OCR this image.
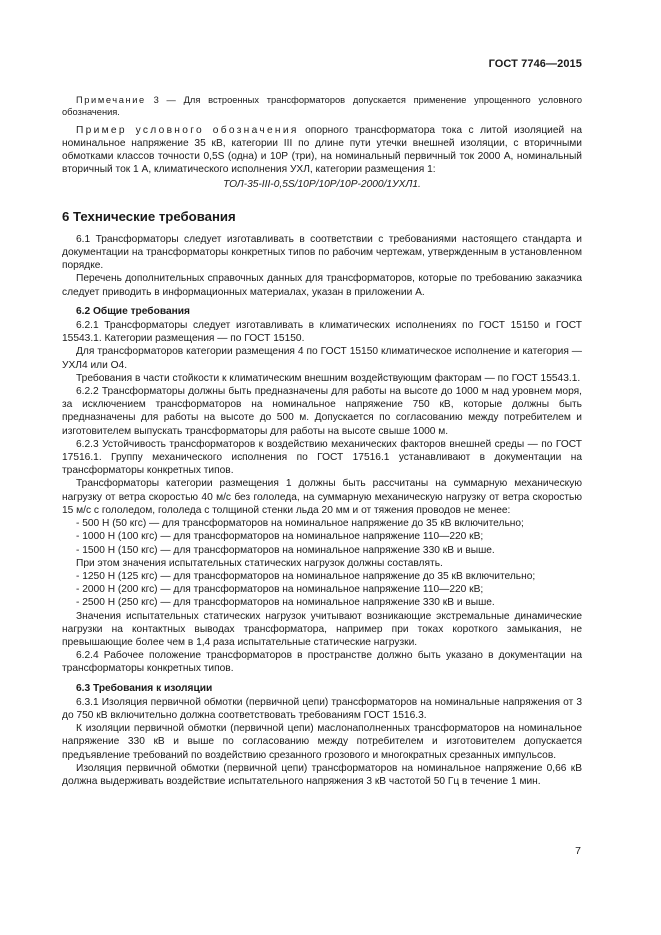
ГОСТ 7746—2015

Примечание 3 — Для встроенных трансформаторов допускается применение упрощенного условного обозначения.

Пример условного обозначения опорного трансформатора тока с литой изоляцией на номинальное напряжение 35 кВ, категории III по длине пути утечки внешней изоляции, с вторичными обмотками классов точности 0,5S (одна) и 10Р (три), на номинальный первичный ток 2000 А, номинальный вторичный ток 1 А, климатического исполнения УХЛ, категории размещения 1:

ТОЛ-35-III-0,5S/10P/10P/10P-2000/1УХЛ1.

6 Технические требования

6.1 Трансформаторы следует изготавливать в соответствии с требованиями настоящего стандарта и документации на трансформаторы конкретных типов по рабочим чертежам, утвержденным в установленном порядке.

Перечень дополнительных справочных данных для трансформаторов, которые по требованию заказчика следует приводить в информационных материалах, указан в приложении А.

6.2 Общие требования

6.2.1 Трансформаторы следует изготавливать в климатических исполнениях по ГОСТ 15150 и ГОСТ 15543.1. Категории размещения — по ГОСТ 15150.

Для трансформаторов категории размещения 4 по ГОСТ 15150 климатическое исполнение и категория — УХЛ4 или О4.

Требования в части стойкости к климатическим внешним воздействующим факторам — по ГОСТ 15543.1.

6.2.2 Трансформаторы должны быть предназначены для работы на высоте до 1000 м над уровнем моря, за исключением трансформаторов на номинальное напряжение 750 кВ, которые должны быть предназначены для работы на высоте до 500 м. Допускается по согласованию между потребителем и изготовителем выпускать трансформаторы для работы на высоте свыше 1000 м.

6.2.3 Устойчивость трансформаторов к воздействию механических факторов внешней среды — по ГОСТ 17516.1. Группу механического исполнения по ГОСТ 17516.1 устанавливают в документации на трансформаторы конкретных типов.

Трансформаторы категории размещения 1 должны быть рассчитаны на суммарную механическую нагрузку от ветра скоростью 40 м/с без гололеда, на суммарную механическую нагрузку от ветра скоростью 15 м/с с гололедом, гололеда с толщиной стенки льда 20 мм и от тяжения проводов не менее:

- 500 Н (50 кгс) — для трансформаторов на номинальное напряжение до 35 кВ включительно;

- 1000 Н (100 кгс) — для трансформаторов на номинальное напряжение 110—220 кВ;

- 1500 Н (150 кгс) — для трансформаторов на номинальное напряжение 330 кВ и выше.

При этом значения испытательных статических нагрузок должны составлять.

- 1250 Н (125 кгс) — для трансформаторов на номинальное напряжение до 35 кВ включительно;

- 2000 Н (200 кгс) — для трансформаторов на номинальное напряжение 110—220 кВ;

- 2500 Н (250 кгс) — для трансформаторов на номинальное напряжение 330 кВ и выше.

Значения испытательных статических нагрузок учитывают возникающие экстремальные динамические нагрузки на контактных выводах трансформатора, например при токах короткого замыкания, не превышающие более чем в 1,4 раза испытательные статические нагрузки.

6.2.4 Рабочее положение трансформаторов в пространстве должно быть указано в документации на трансформаторы конкретных типов.

6.3 Требования к изоляции

6.3.1 Изоляция первичной обмотки (первичной цепи) трансформаторов на номинальные напряжения от 3 до 750 кВ включительно должна соответствовать требованиям ГОСТ 1516.3.

К изоляции первичной обмотки (первичной цепи) маслонаполненных трансформаторов на номинальное напряжение 330 кВ и выше по согласованию между потребителем и изготовителем допускается предъявление требований по воздействию срезанного грозового и многократных срезанных импульсов.

Изоляция первичной обмотки (первичной цепи) трансформаторов на номинальное напряжение 0,66 кВ должна выдерживать воздействие испытательного напряжения 3 кВ частотой 50 Гц в течение 1 мин.

7
